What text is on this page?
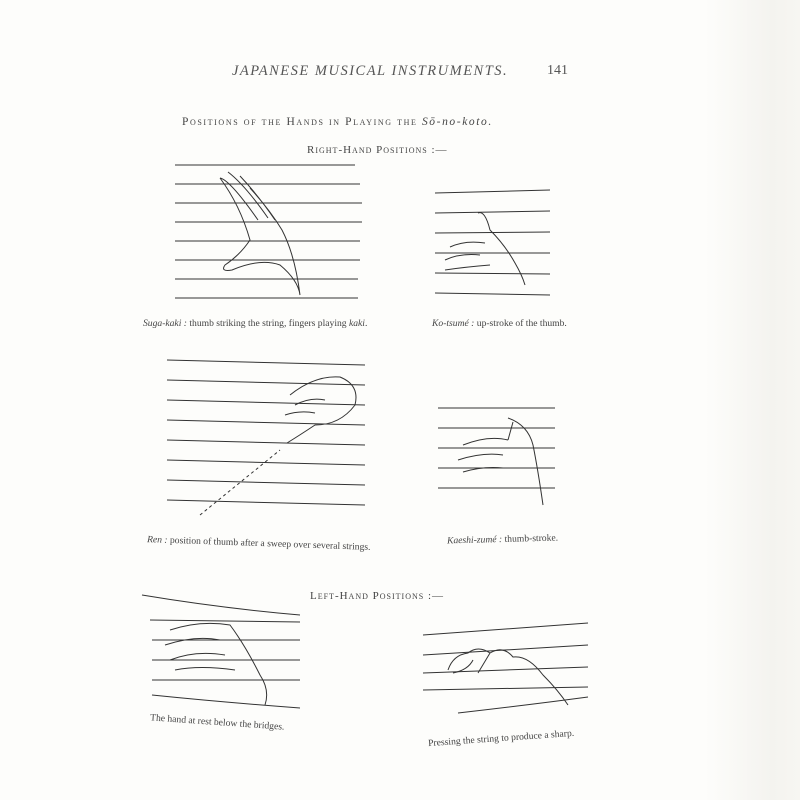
JAPANESE MUSICAL INSTRUMENTS.	141
Positions of the Hands in Playing the Sō-no-koto.
Right-Hand Positions :—
Suga-kaki : thumb striking the string, fingers playing kaki.	Ko-tsumé : up-stroke of the thumb.
Ren : position of thumb after a sweep over several strings.	Kaeshi-zumé : thumb-stroke.
Left-Hand Positions :—
The hand at rest below the bridges.
Pressing the string to produce a sharp.
